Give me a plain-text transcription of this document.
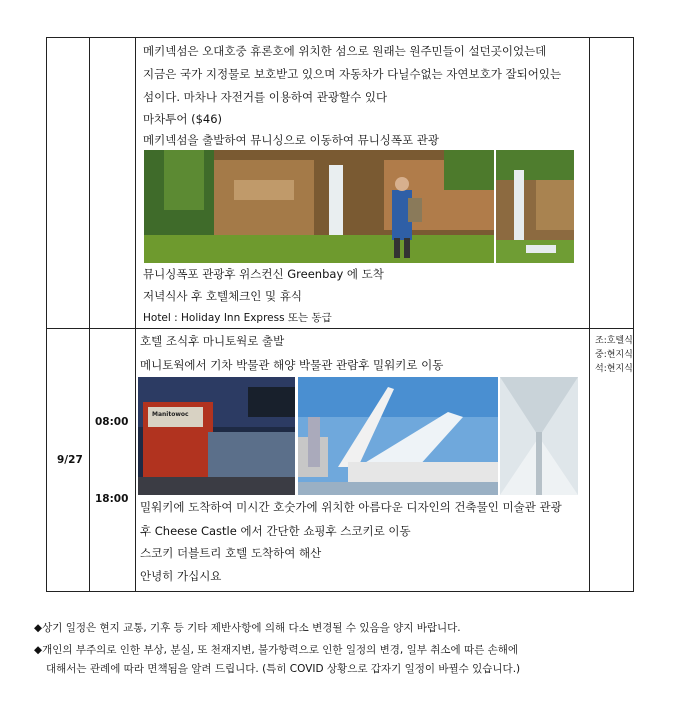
메키넥섬은 오대호중 휴론호에 위치한 섬으로 원래는 원주민들이 설던곳이었는데
지금은 국가 지정물로 보호받고 있으며 자동차가 다닐수없는 자연보호가 잘되어있는
섬이다. 마차나 자전거를 이용하여 관광할수 있다
마차투어 ($46)
메키넥섬을 출발하여 뮤니싱으로 이동하여 뮤니싱폭포 관광
뮤니싱폭포 관광후 위스컨신 Greenbay 에 도착
저녁식사 후 호텔체크인 및 휴식
Hotel : Holiday Inn Express 또는 동급
9/27
08:00
18:00
호텔 조식후 마니토웍로 출발
메니토웍에서 기차 박물관 해양 박물관 관람후 밀워키로 이동
Manitowoc
밀워키에 도착하여 미시간 호숫가에 위치한 아름다운 디자인의 건축물인 미술관 관광
후 Cheese Castle 에서 간단한 쇼핑후 스코키로 이동
스코키 더블트리 호텔 도착하여 해산
안녕히 가십시요
조:호텔식
중:현지식
석:현지식
◆상기 일정은 현지 교통, 기후 등 기타 제반사항에 의해 다소 변경될 수 있음을 양지 바랍니다.
◆개인의 부주의로 인한 부상, 분실, 또 천재지변, 불가항력으로 인한 일정의 변경, 일부 취소에 따른 손해에
대해서는 관례에 따라 면책됨을 알려 드립니다. (특히 COVID 상황으로 갑자기 일정이 바뀔수 있습니다.)
